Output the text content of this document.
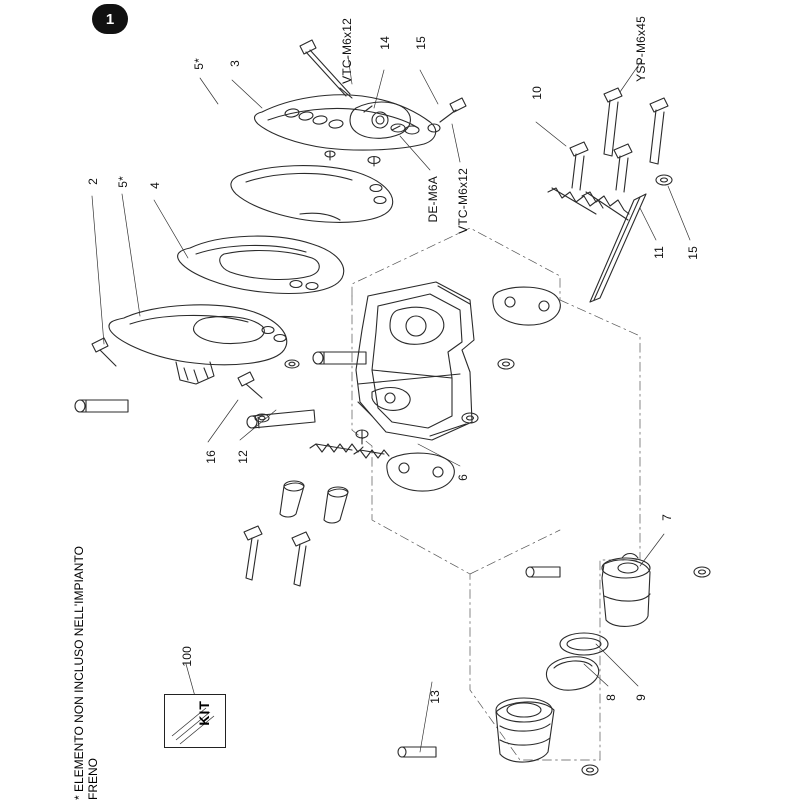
1
KIT
* ELEMENTO NON INCLUSO NELL'IMPIANTO FRENO
5* 3	VTC-M6x12 14 15	YSP-M6x45
10
DE-M6A VTC-M6x12
11 15
2 5* 4
16 12
6
7
8 9
13
100
